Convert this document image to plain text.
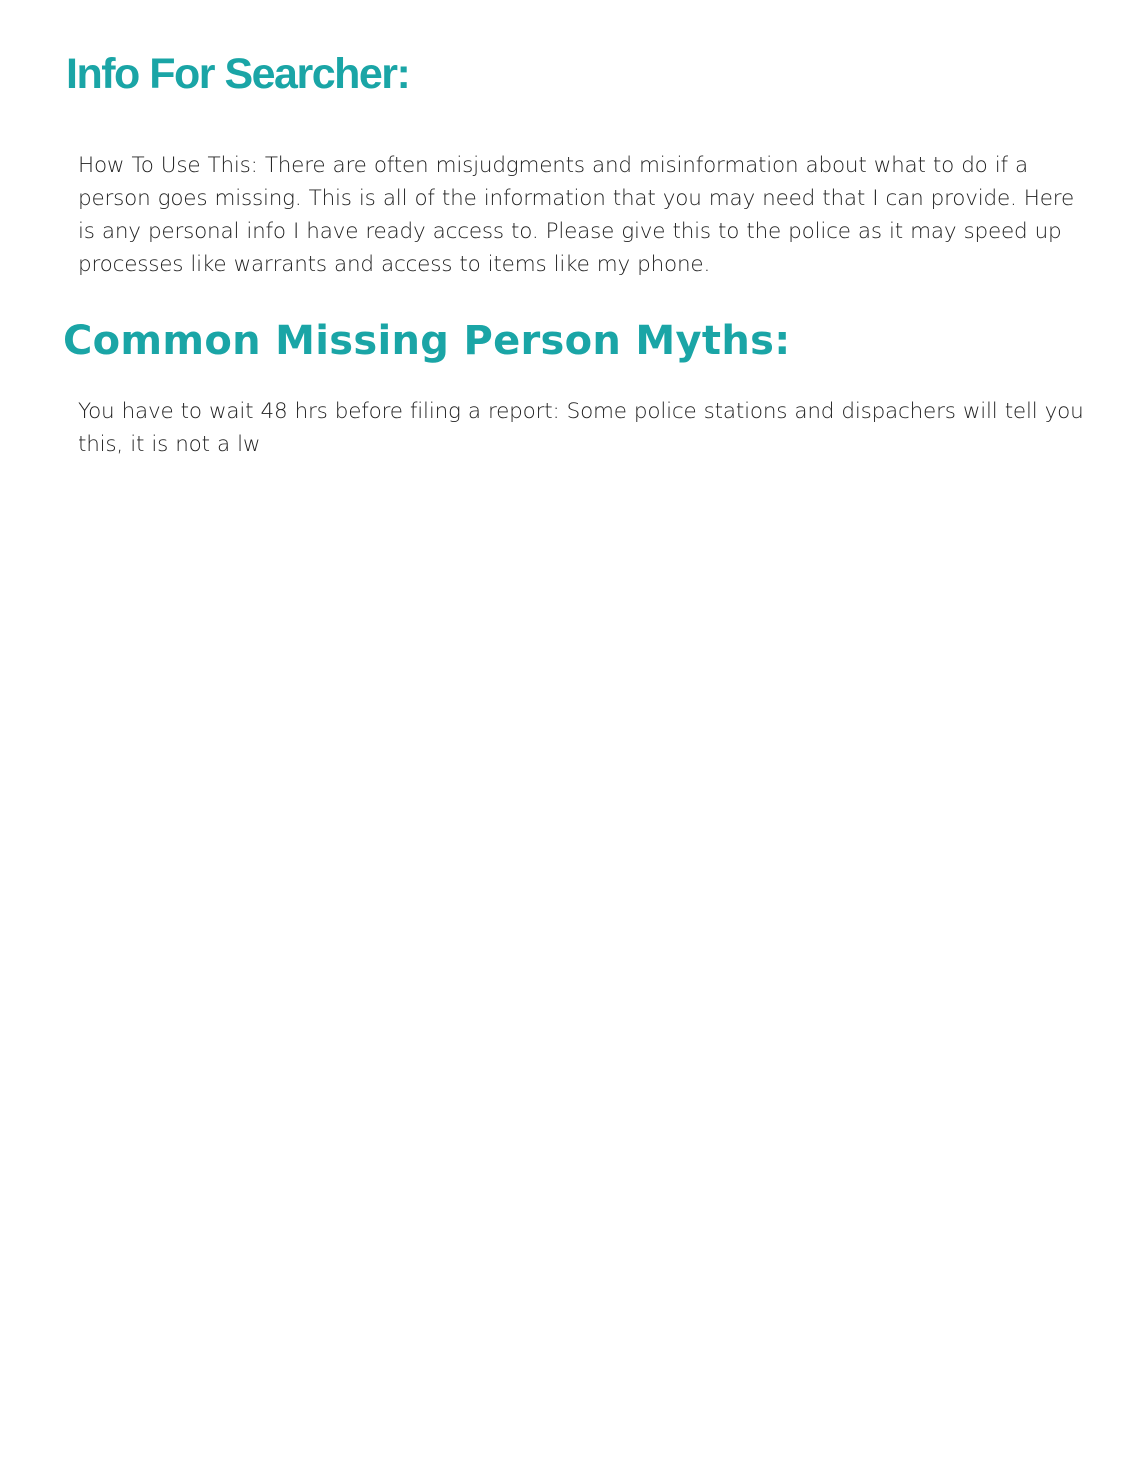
Info For Searcher:

How To Use This: There are often misjudgments and misinformation about what to do if a person goes missing. This is all of the information that you may need that I can provide. Here is any personal info I have ready access to. Please give this to the police as it may speed up processes like warrants and access to items like my phone.

Common Missing Person Myths:

You have to wait 48 hrs before filing a report: Some police stations and dispachers will tell you this, it is not a lw
